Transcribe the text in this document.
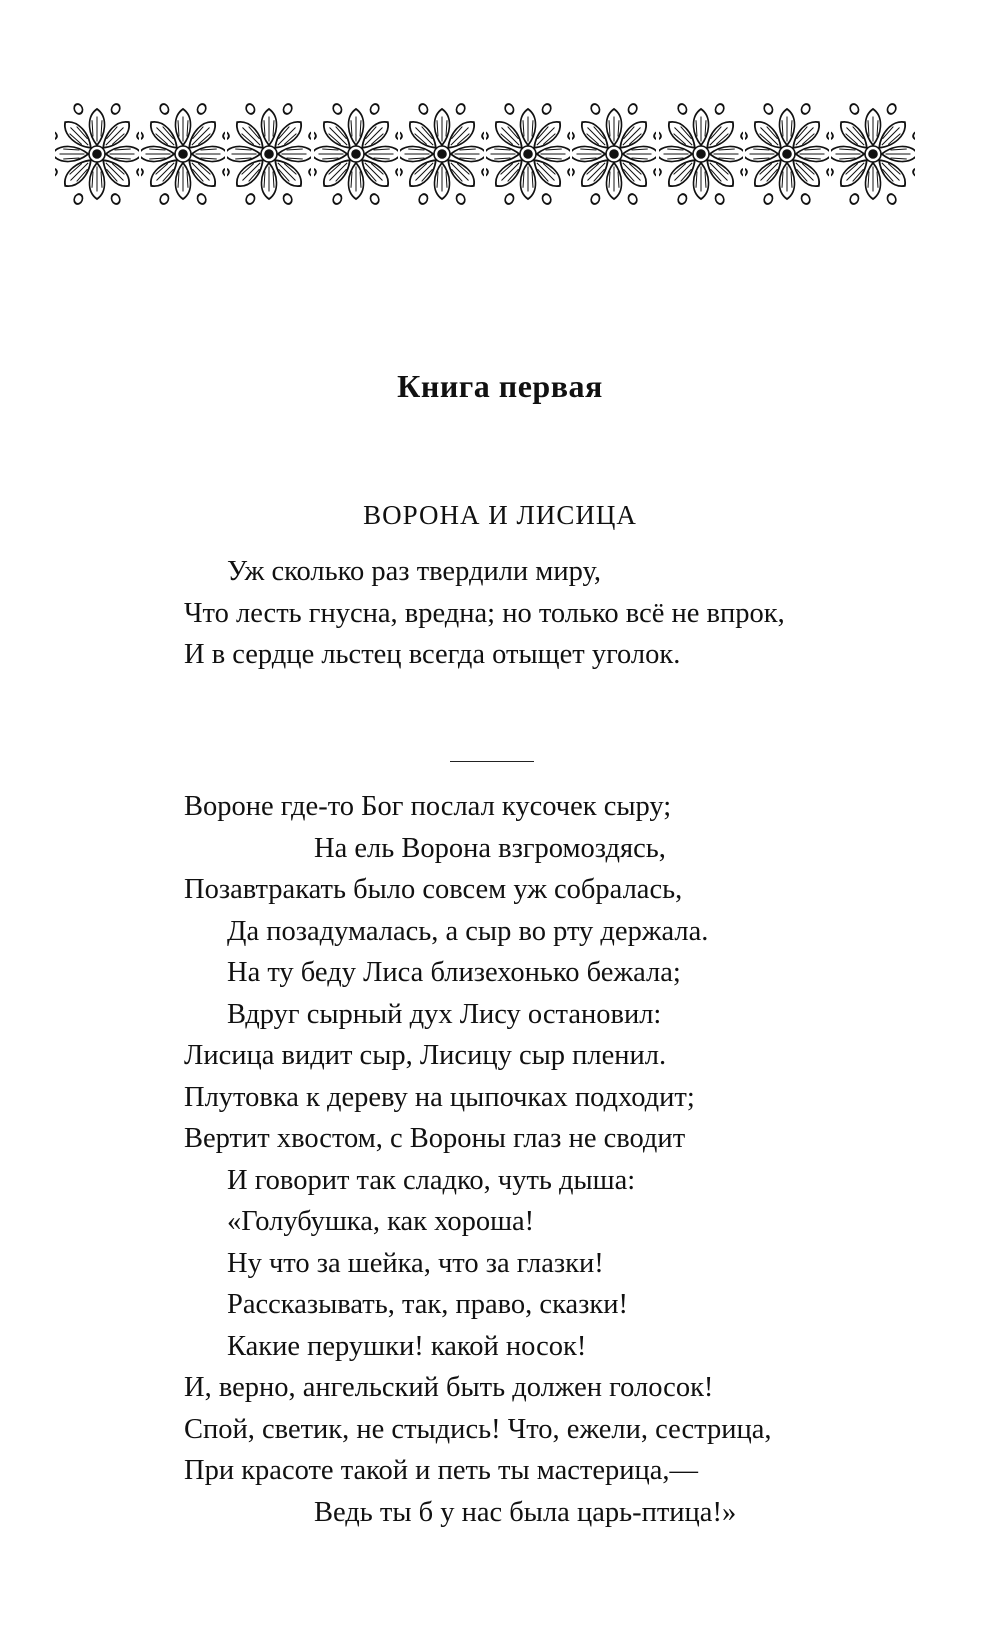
Книга первая
ВОРОНА И ЛИСИЦА
Уж сколько раз твердили миру,
Что лесть гнусна, вредна; но только всё не впрок,
И в сердце льстец всегда отыщет уголок.
Вороне где-то Бог послал кусочек сыру;
На ель Ворона взгромоздясь,
Позавтракать было совсем уж собралась,
Да позадумалась, а сыр во рту держала.
На ту беду Лиса близехонько бежала;
Вдруг сырный дух Лису остановил:
Лисица видит сыр, Лисицу сыр пленил.
Плутовка к дереву на цыпочках подходит;
Вертит хвостом, с Вороны глаз не сводит
И говорит так сладко, чуть дыша:
«Голубушка, как хороша!
Ну что за шейка, что за глазки!
Рассказывать, так, право, сказки!
Какие перушки! какой носок!
И, верно, ангельский быть должен голосок!
Спой, светик, не стыдись! Что, ежели, сестрица,
При красоте такой и петь ты мастерица,—
Ведь ты б у нас была царь-птица!»
